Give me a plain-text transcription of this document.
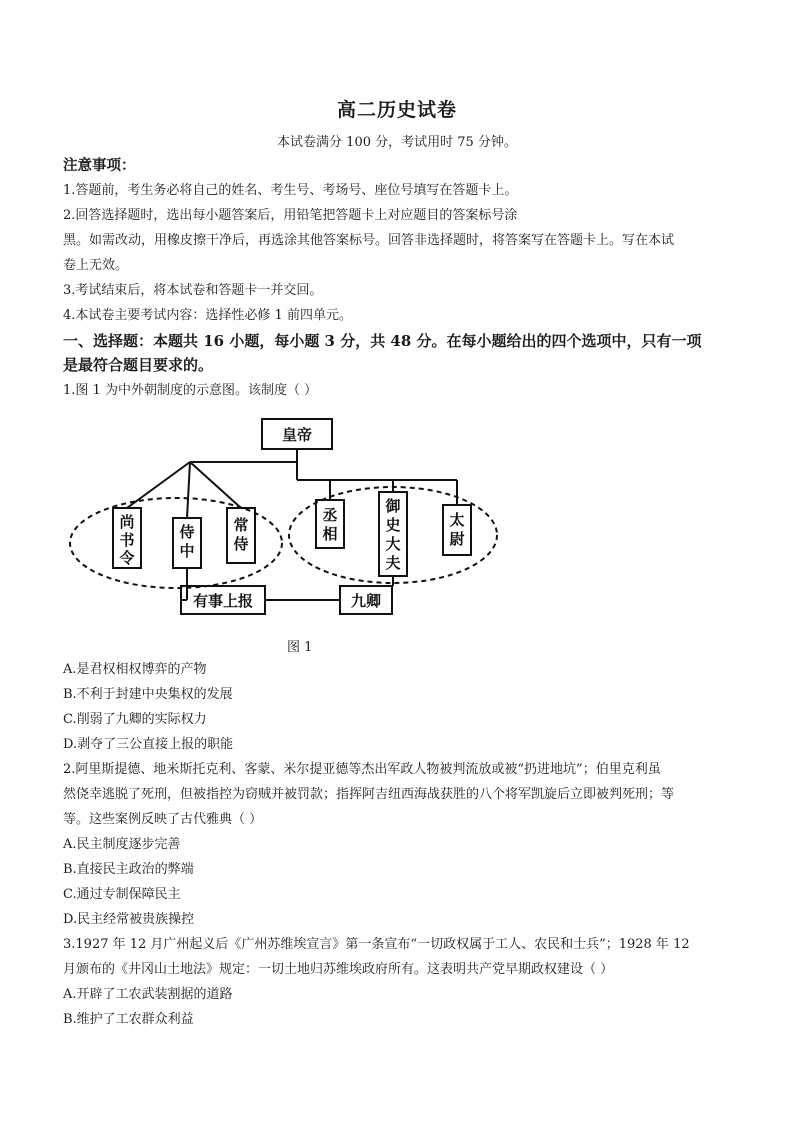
高二历史试卷
本试卷满分 100 分，考试用时 75 分钟。
注意事项：
1.答题前，考生务必将自己的姓名、考生号、考场号、座位号填写在答题卡上。
2.回答选择题时，选出每小题答案后，用铅笔把答题卡上对应题目的答案标号涂
黑。如需改动，用橡皮擦干净后，再选涂其他答案标号。回答非选择题时，将答案写在答题卡上。写在本试
卷上无效。
3.考试结束后，将本试卷和答题卡一并交回。
4.本试卷主要考试内容：选择性必修 1 前四单元。
一、选择题：本题共 16 小题，每小题 3 分，共 48 分。在每小题给出的四个选项中，只有一项
是最符合题目要求的。
1.图 1 为中外朝制度的示意图。该制度（ ）
皇帝
尚
书
令
侍
中
常
侍
丞
相
御
史
大
夫
太
尉
有事上报	九卿
图 1
A.是君权相权博弈的产物
B.不利于封建中央集权的发展
C.削弱了九卿的实际权力
D.剥夺了三公直接上报的职能
2.阿里斯提德、地米斯托克利、客蒙、米尔提亚德等杰出军政人物被判流放或被“扔进地坑”；伯里克利虽
然侥幸逃脱了死刑，但被指控为窃贼并被罚款；指挥阿吉纽西海战获胜的八个将军凯旋后立即被判死刑；等
等。这些案例反映了古代雅典（ ）
A.民主制度逐步完善
B.直接民主政治的弊端
C.通过专制保障民主
D.民主经常被贵族操控
3.1927 年 12 月广州起义后《广州苏维埃宣言》第一条宣布“一切政权属于工人、农民和士兵”；1928 年 12
月颁布的《井冈山土地法》规定：一切土地归苏维埃政府所有。这表明共产党早期政权建设（ ）
A.开辟了工农武装割据的道路
B.维护了工农群众利益
